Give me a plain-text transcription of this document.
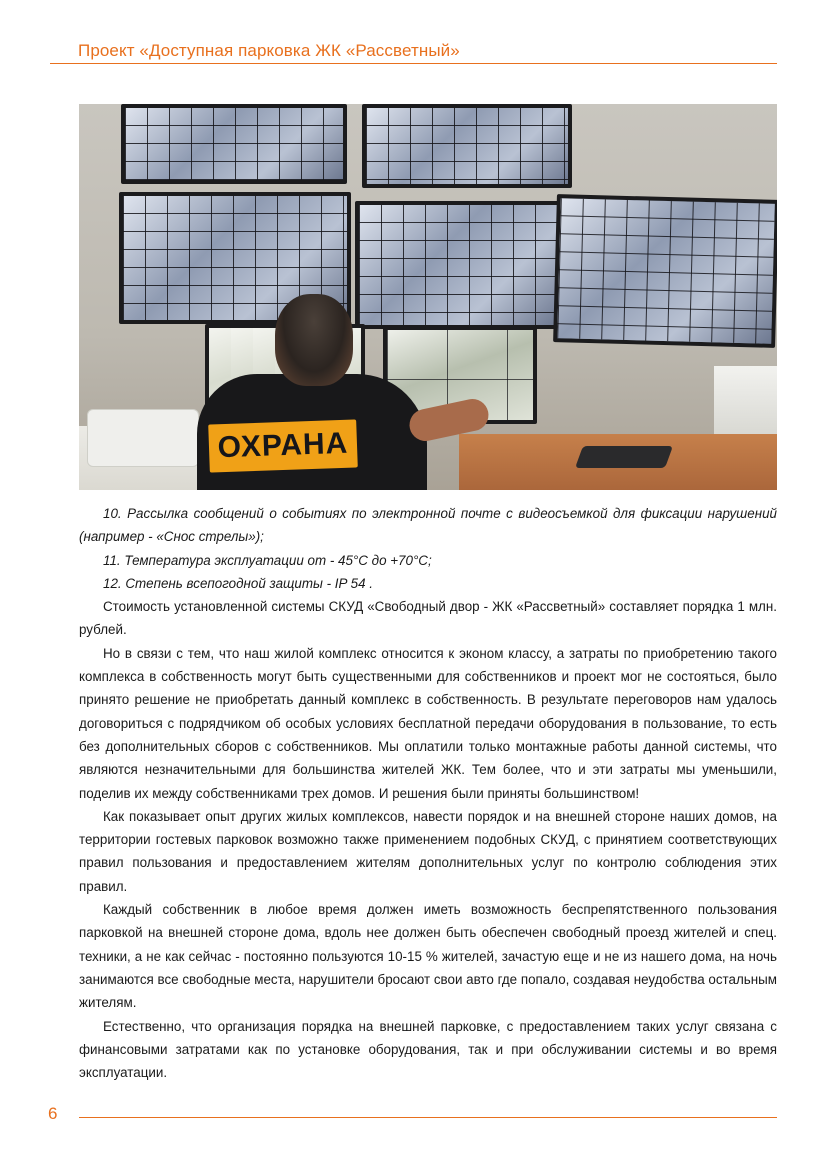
Проект «Доступная парковка ЖК «Рассветный»
ОХРАНА

10. Рассылка сообщений о событиях по электронной почте с видеосъемкой для фиксации нарушений (например - «Снос стрелы»);

11. Температура эксплуатации от - 45°С до +70°С;

12. Степень всепогодной защиты - IP 54 .

Стоимость установленной системы СКУД «Свободный двор - ЖК «Рассветный» составляет порядка 1 млн. рублей.

Но в связи с тем, что наш жилой комплекс относится к эконом классу, а затраты по приобретению такого комплекса в собственность могут быть существенными для собственников и проект мог не состояться, было принято решение не приобретать данный комплекс в собственность. В результате переговоров нам удалось договориться с подрядчиком об особых условиях бесплатной передачи оборудования в пользование, то есть без дополнительных сборов с собственников. Мы оплатили только монтажные работы данной системы, что являются незначительными для большинства жителей ЖК. Тем более, что и эти затраты мы уменьшили, поделив их между собственниками трех домов. И решения были приняты большинством!

Как показывает опыт других жилых комплексов, навести порядок и на внешней стороне наших домов, на территории гостевых парковок возможно также применением подобных СКУД, с принятием соответствующих правил пользования и предоставлением жителям дополнительных услуг по контролю соблюдения этих правил.

Каждый собственник в любое время должен иметь возможность беспрепятственного пользования парковкой на внешней стороне дома, вдоль нее должен быть обеспечен свободный проезд жителей и спец. техники, а не как сейчас - постоянно пользуются 10-15 % жителей, зачастую еще и не из нашего дома, на ночь занимаются все свободные места, нарушители бросают свои авто где попало, создавая неудобства остальным жителям.

Естественно, что организация порядка на внешней парковке, с предоставлением таких услуг связана с финансовыми затратами как по установке оборудования, так и при обслуживании системы и во время эксплуатации.

6
